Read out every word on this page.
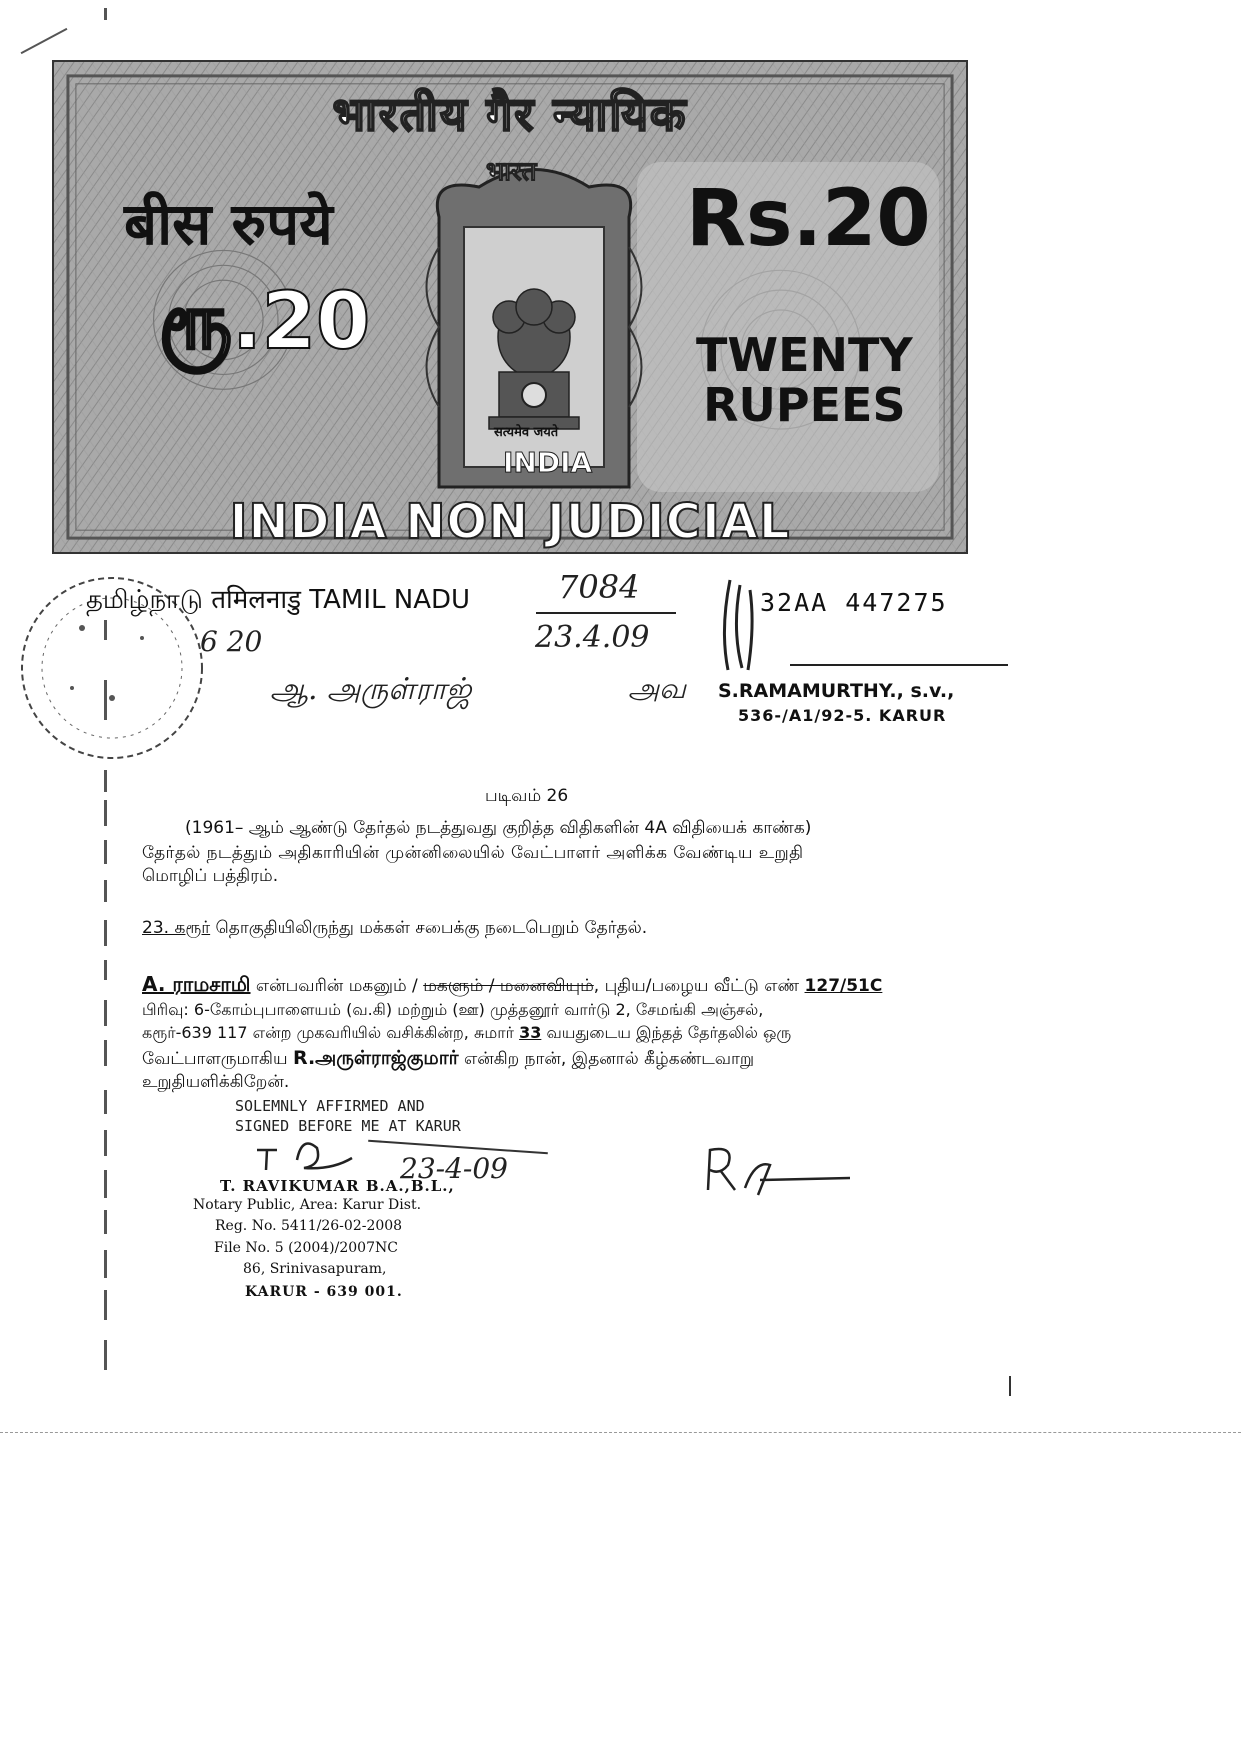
भारतीय गैर न्यायिक
बीस रुपये
ரூ.20
Rs.20
TWENTY
RUPEES
भारत
सत्यमेव जयते
INDIA
INDIA NON JUDICIAL
தமிழ்நாடு तमिलनाडु TAMIL NADU	7084
23.4.09
6 20
ஆ. அருள்ராஜ்	அவ
32AA 447275
S.RAMAMURTHY., s.v.,
536-/A1/92-5. KARUR
படிவம் 26
(1961– ஆம் ஆண்டு தேர்தல் நடத்துவது குறித்த விதிகளின் 4A விதியைக் காண்க)
தேர்தல் நடத்தும் அதிகாரியின் முன்னிலையில் வேட்பாளர் அளிக்க வேண்டிய உறுதி
மொழிப் பத்திரம்.
23. கரூர் தொகுதியிலிருந்து மக்கள் சபைக்கு நடைபெறும் தேர்தல்.
A. ராமசாமி என்பவரின் மகனும் / மகளும் / மனைவியும், புதிய/பழைய வீட்டு எண் 127/51C
பிரிவு: 6-கோம்புபாளையம் (வ.கி) மற்றும் (ஊ) முத்தனூர் வார்டு 2, சேமங்கி அஞ்சல்,
கரூர்-639 117 என்ற முகவரியில் வசிக்கின்ற, சுமார் 33 வயதுடைய இந்தத் தேர்தலில் ஒரு
வேட்பாளருமாகிய R.அருள்ராஜ்குமார் என்கிற நான், இதனால் கீழ்கண்டவாறு
உறுதியளிக்கிறேன்.
SOLEMNLY AFFIRMED AND
SIGNED BEFORE ME AT KARUR
23-4-09
T. RAVIKUMAR B.A.,B.L.,
Notary Public, Area: Karur Dist.
Reg. No. 5411/26-02-2008
File No. 5 (2004)/2007NC
86, Srinivasapuram,
KARUR - 639 001.
